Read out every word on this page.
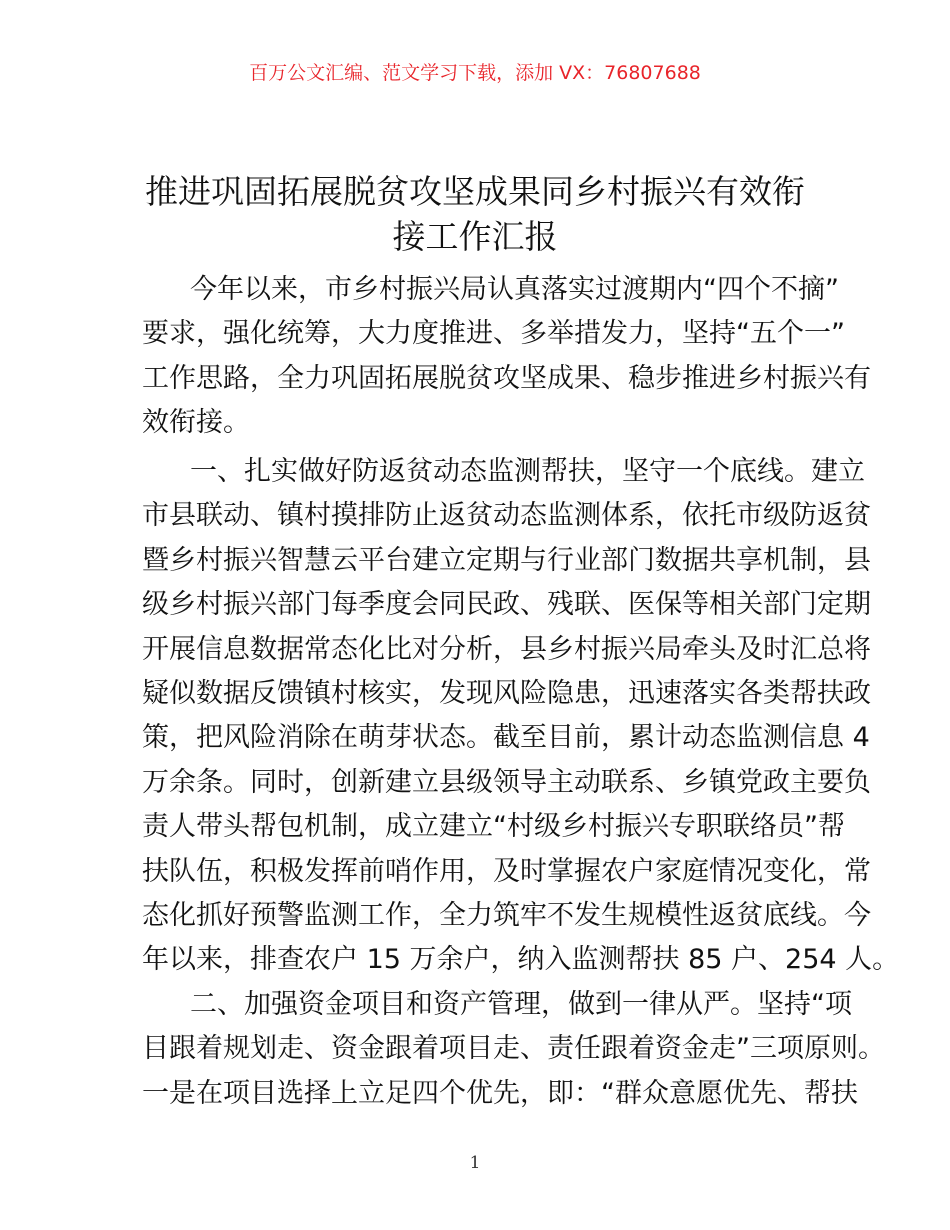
百万公文汇编、范文学习下载，添加 VX：76807688
推进巩固拓展脱贫攻坚成果同乡村振兴有效衔
接工作汇报
今年以来，市乡村振兴局认真落实过渡期内“四个不摘”
要求，强化统筹，大力度推进、多举措发力，坚持“五个一”
工作思路，全力巩固拓展脱贫攻坚成果、稳步推进乡村振兴有
效衔接。
一、扎实做好防返贫动态监测帮扶，坚守一个底线。建立
市县联动、镇村摸排防止返贫动态监测体系，依托市级防返贫
暨乡村振兴智慧云平台建立定期与行业部门数据共享机制，县
级乡村振兴部门每季度会同民政、残联、医保等相关部门定期
开展信息数据常态化比对分析，县乡村振兴局牵头及时汇总将
疑似数据反馈镇村核实，发现风险隐患，迅速落实各类帮扶政
策，把风险消除在萌芽状态。截至目前，累计动态监测信息 4
万余条。同时，创新建立县级领导主动联系、乡镇党政主要负
责人带头帮包机制，成立建立“村级乡村振兴专职联络员”帮
扶队伍，积极发挥前哨作用，及时掌握农户家庭情况变化，常
态化抓好预警监测工作，全力筑牢不发生规模性返贫底线。今
年以来，排查农户 15 万余户，纳入监测帮扶 85 户、254 人。
二、加强资金项目和资产管理，做到一律从严。坚持“项
目跟着规划走、资金跟着项目走、责任跟着资金走”三项原则。
一是在项目选择上立足四个优先，即：“群众意愿优先、帮扶
1
